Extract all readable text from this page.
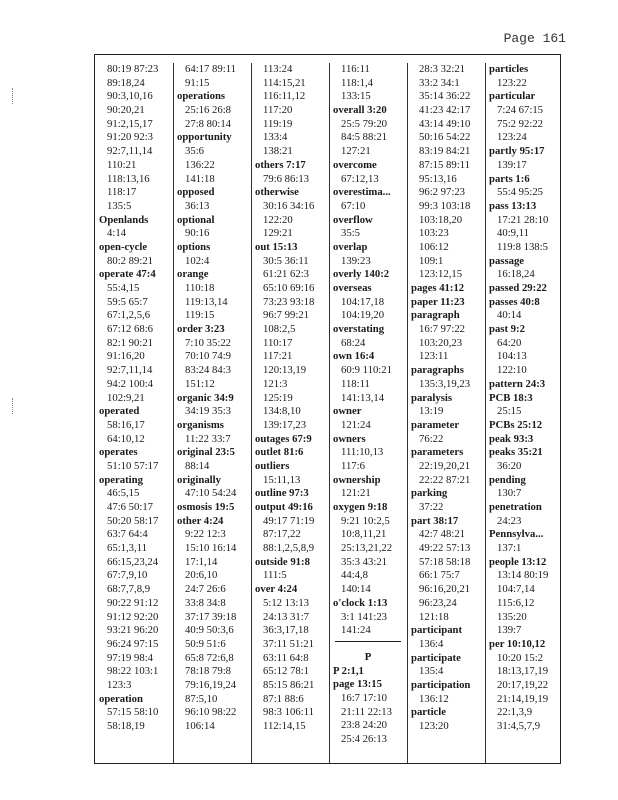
Page 161
80:19 87:23
89:18,24
90:3,10,16
90:20,21
91:2,15,17
91:20 92:3
92:7,11,14
110:21
118:13,16
118:17
135:5
Openlands
4:14
open-cycle
80:2 89:21
operate 47:4
55:4,15
59:5 65:7
67:1,2,5,6
67:12 68:6
82:1 90:21
91:16,20
92:7,11,14
94:2 100:4
102:9,21
operated
58:16,17
64:10,12
operates
51:10 57:17
operating
46:5,15
47:6 50:17
50:20 58:17
63:7 64:4
65:1,3,11
66:15,23,24
67:7,9,10
68:7,7,8,9
90:22 91:12
91:12 92:20
93:21 96:20
96:24 97:15
97:19 98:4
98:22 103:1
123:3
operation
57:15 58:10
58:18,19
64:17 89:11
91:15
operations
25:16 26:8
27:8 80:14
opportunity
35:6
136:22
141:18
opposed
36:13
optional
90:16
options
102:4
orange
110:18
119:13,14
119:15
order 3:23
7:10 35:22
70:10 74:9
83:24 84:3
151:12
organic 34:9
34:19 35:3
organisms
11:22 33:7
original 23:5
88:14
originally
47:10 54:24
osmosis 19:5
other 4:24
9:22 12:3
15:10 16:14
17:1,14
20:6,10
24:7 26:6
33:8 34:8
37:17 39:18
40:9 50:3,6
50:9 51:6
65:8 72:6,8
78:18 79:8
79:16,19,24
87:5,10
96:10 98:22
106:14
113:24
114:15,21
116:11,12
117:20
119:19
133:4
138:21
others 7:17
79:6 86:13
otherwise
30:16 34:16
122:20
129:21
out 15:13
30:5 36:11
61:21 62:3
65:10 69:16
73:23 93:18
96:7 99:21
108:2,5
110:17
117:21
120:13,19
121:3
125:19
134:8,10
139:17,23
outages 67:9
outlet 81:6
outliers
15:11,13
outline 97:3
output 49:16
49:17 71:19
87:17,22
88:1,2,5,8,9
outside 91:8
111:5
over 4:24
5:12 13:13
24:13 31:7
36:3,17,18
37:11 51:21
63:11 64:8
65:12 78:1
85:15 86:21
87:1 88:6
98:3 106:11
112:14,15
116:11
118:1,4
133:15
overall 3:20
25:5 79:20
84:5 88:21
127:21
overcome
67:12,13
overestima...
67:10
overflow
35:5
overlap
139:23
overly 140:2
overseas
104:17,18
104:19,20
overstating
68:24
own 16:4
60:9 110:21
118:11
141:13,14
owner
121:24
owners
111:10,13
117:6
ownership
121:21
oxygen 9:18
9:21 10:2,5
10:8,11,21
25:13,21,22
35:3 43:21
44:4,8
140:14
o'clock 1:13
3:1 141:23
141:24
P
P 2:1,1
page 13:15
16:7 17:10
21:11 22:13
23:8 24:20
25:4 26:13
28:3 32:21
33:2 34:1
35:14 36:22
41:23 42:17
43:14 49:10
50:16 54:22
83:19 84:21
87:15 89:11
95:13,16
96:2 97:23
99:3 103:18
103:18,20
103:23
106:12
109:1
123:12,15
pages 41:12
paper 11:23
paragraph
16:7 97:22
103:20,23
123:11
paragraphs
135:3,19,23
paralysis
13:19
parameter
76:22
parameters
22:19,20,21
22:22 87:21
parking
37:22
part 38:17
42:7 48:21
49:22 57:13
57:18 58:18
66:1 75:7
96:16,20,21
96:23,24
121:18
participant
136:4
participate
135:4
participation
136:12
particle
123:20
particles
123:22
particular
7:24 67:15
75:2 92:22
123:24
partly 95:17
139:17
parts 1:6
55:4 95:25
pass 13:13
17:21 28:10
40:9,11
119:8 138:5
passage
16:18,24
passed 29:22
passes 40:8
40:14
past 9:2
64:20
104:13
122:10
pattern 24:3
PCB 18:3
25:15
PCBs 25:12
peak 93:3
peaks 35:21
36:20
pending
130:7
penetration
24:23
Pennsylva...
137:1
people 13:12
13:14 80:19
104:7,14
115:6,12
135:20
139:7
per 10:10,12
10:20 15:2
18:13,17,19
20:17,19,22
21:14,19,19
22:1,3,9
31:4,5,7,9
